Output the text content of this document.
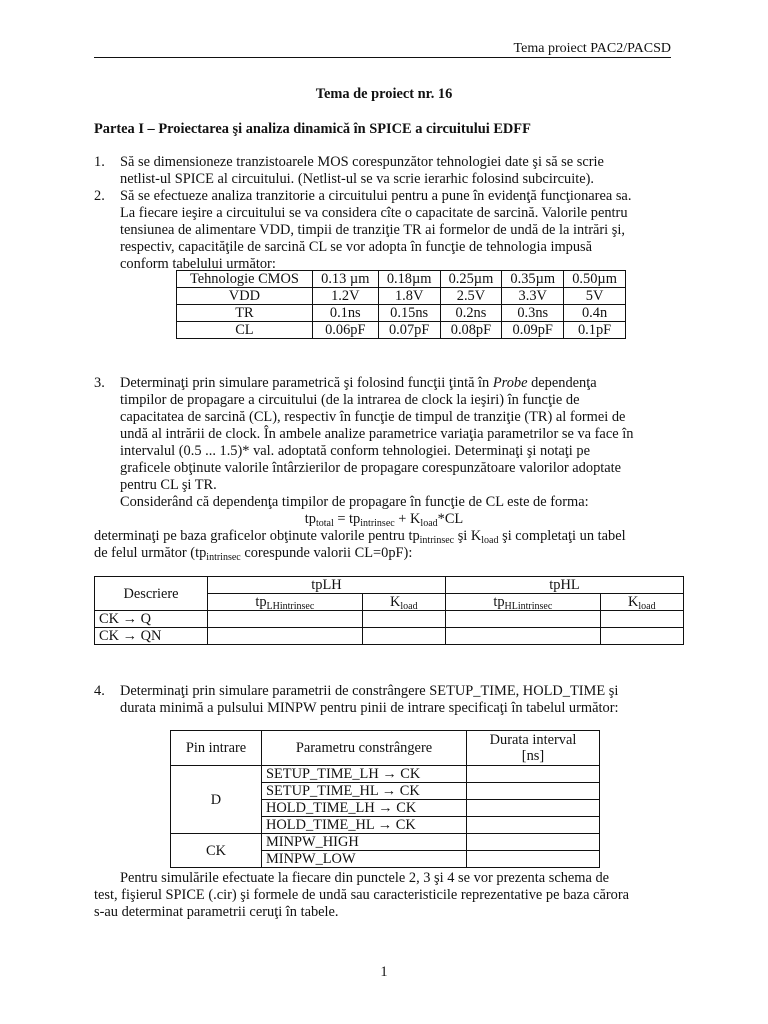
Tema proiect PAC2/PACSD
Tema de proiect nr. 16
Partea I – Proiectarea şi analiza dinamică în SPICE a circuitului EDFF
1. Să se dimensioneze tranzistoarele MOS corespunzător tehnologiei date şi să se scrie
netlist-ul SPICE al circuitului. (Netlist-ul se va scrie ierarhic folosind subcircuite).
2. Să se efectueze analiza tranzitorie a circuitului pentru a pune în evidenţă funcţionarea sa.
La fiecare ieşire a circuitului se va considera cîte o capacitate de sarcină. Valorile pentru
tensiunea de alimentare VDD, timpii de tranziţie TR ai formelor de undă de la intrări şi,
respectiv, capacităţile de sarcină CL se vor adopta în funcţie de tehnologia impusă
conform tabelului următor:
Tehnologie CMOS	0.13 µm	0.18µm	0.25µm	0.35µm	0.50µm
VDD	1.2V	1.8V	2.5V	3.3V	5V
TR	0.1ns	0.15ns	0.2ns	0.3ns	0.4n
CL	0.06pF	0.07pF	0.08pF	0.09pF	0.1pF
3. Determinaţi prin simulare parametrică şi folosind funcţii ţintă în Probe dependenţa
timpilor de propagare a circuitului (de la intrarea de clock la ieşiri) în funcţie de
capacitatea de sarcină (CL), respectiv în funcţie de timpul de tranziţie (TR) al formei de
undă al intrării de clock. În ambele analize parametrice variaţia parametrilor se va face în
intervalul (0.5 ... 1.5)* val. adoptată conform tehnologiei. Determinaţi şi notaţi pe
graficele obţinute valorile întârzierilor de propagare corespunzătoare valorilor adoptate
pentru CL şi TR.
Considerând că dependenţa timpilor de propagare în funcţie de CL este de forma:
$tp_{total} = tp_{intrinsec} + K_{load}*CL$
determinaţi pe baza graficelor obţinute valorile pentru $tp_{intrinsec}$ şi $K_{load}$ şi completaţi un tabel
de felul următor ($tp_{intrinsec}$ corespunde valorii CL=0pF):
Descriere	tpLH		tpHL	
	$tp_{LHintrinsec}$	$K_{load}$	$tp_{HLintrinsec}$	$K_{load}$
CK → Q				
CK → QN				
4. Determinaţi prin simulare parametrii de constrângere SETUP_TIME, HOLD_TIME şi
durata minimă a pulsului MINPW pentru pinii de intrare specificaţi în tabelul următor:
Pin intrare	Parametru constrângere	Durata interval
[ns]

D	SETUP_TIME_LH → CK	
	SETUP_TIME_HL → CK	
	HOLD_TIME_LH → CK	
	HOLD_TIME_HL → CK	
CK	MINPW_HIGH	
	MINPW_LOW	
Pentru simulările efectuate la fiecare din punctele 2, 3 şi 4 se vor prezenta schema de
test, fişierul SPICE (.cir) şi formele de undă sau caracteristicile reprezentative pe baza cărora
s-au determinat parametrii ceruţi în tabele.
1
